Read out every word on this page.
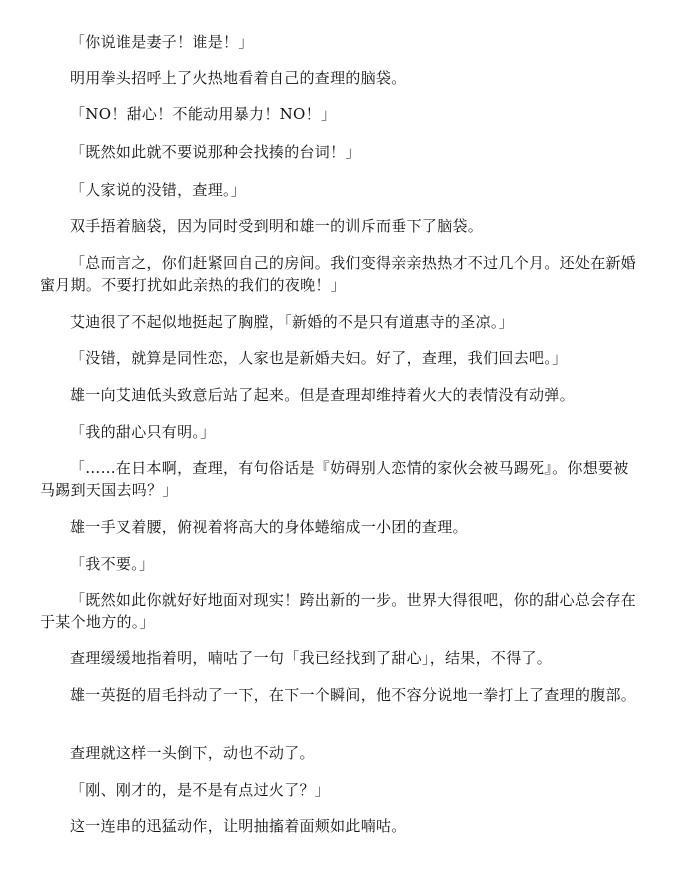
「你说谁是妻子！谁是！」

明用拳头招呼上了火热地看着自己的查理的脑袋。

「NO！甜心！不能动用暴力！NO！」

「既然如此就不要说那种会找揍的台词！」

「人家说的没错，查理。」

双手捂着脑袋，因为同时受到明和雄一的训斥而垂下了脑袋。

「总而言之，你们赶紧回自己的房间。我们变得亲亲热热才不过几个月。还处在新婚蜜月期。不要打扰如此亲热的我们的夜晚！」

艾迪很了不起似地挺起了胸膛，「新婚的不是只有道惠寺的圣凉。」

「没错，就算是同性恋，人家也是新婚夫妇。好了，查理，我们回去吧。」

雄一向艾迪低头致意后站了起来。但是查理却维持着火大的表情没有动弹。

「我的甜心只有明。」

「……在日本啊，查理，有句俗话是『妨碍别人恋情的家伙会被马踢死』。你想要被马踢到天国去吗？」

雄一手叉着腰，俯视着将高大的身体蜷缩成一小团的查理。

「我不要。」

「既然如此你就好好地面对现实！跨出新的一步。世界大得很吧，你的甜心总会存在于某个地方的。」

查理缓缓地指着明，喃咕了一句「我已经找到了甜心」，结果，不得了。

雄一英挺的眉毛抖动了一下，在下一个瞬间，他不容分说地一拳打上了查理的腹部。

查理就这样一头倒下，动也不动了。

「刚、刚才的，是不是有点过火了？」

这一连串的迅猛动作，让明抽搐着面颊如此喃咕。
